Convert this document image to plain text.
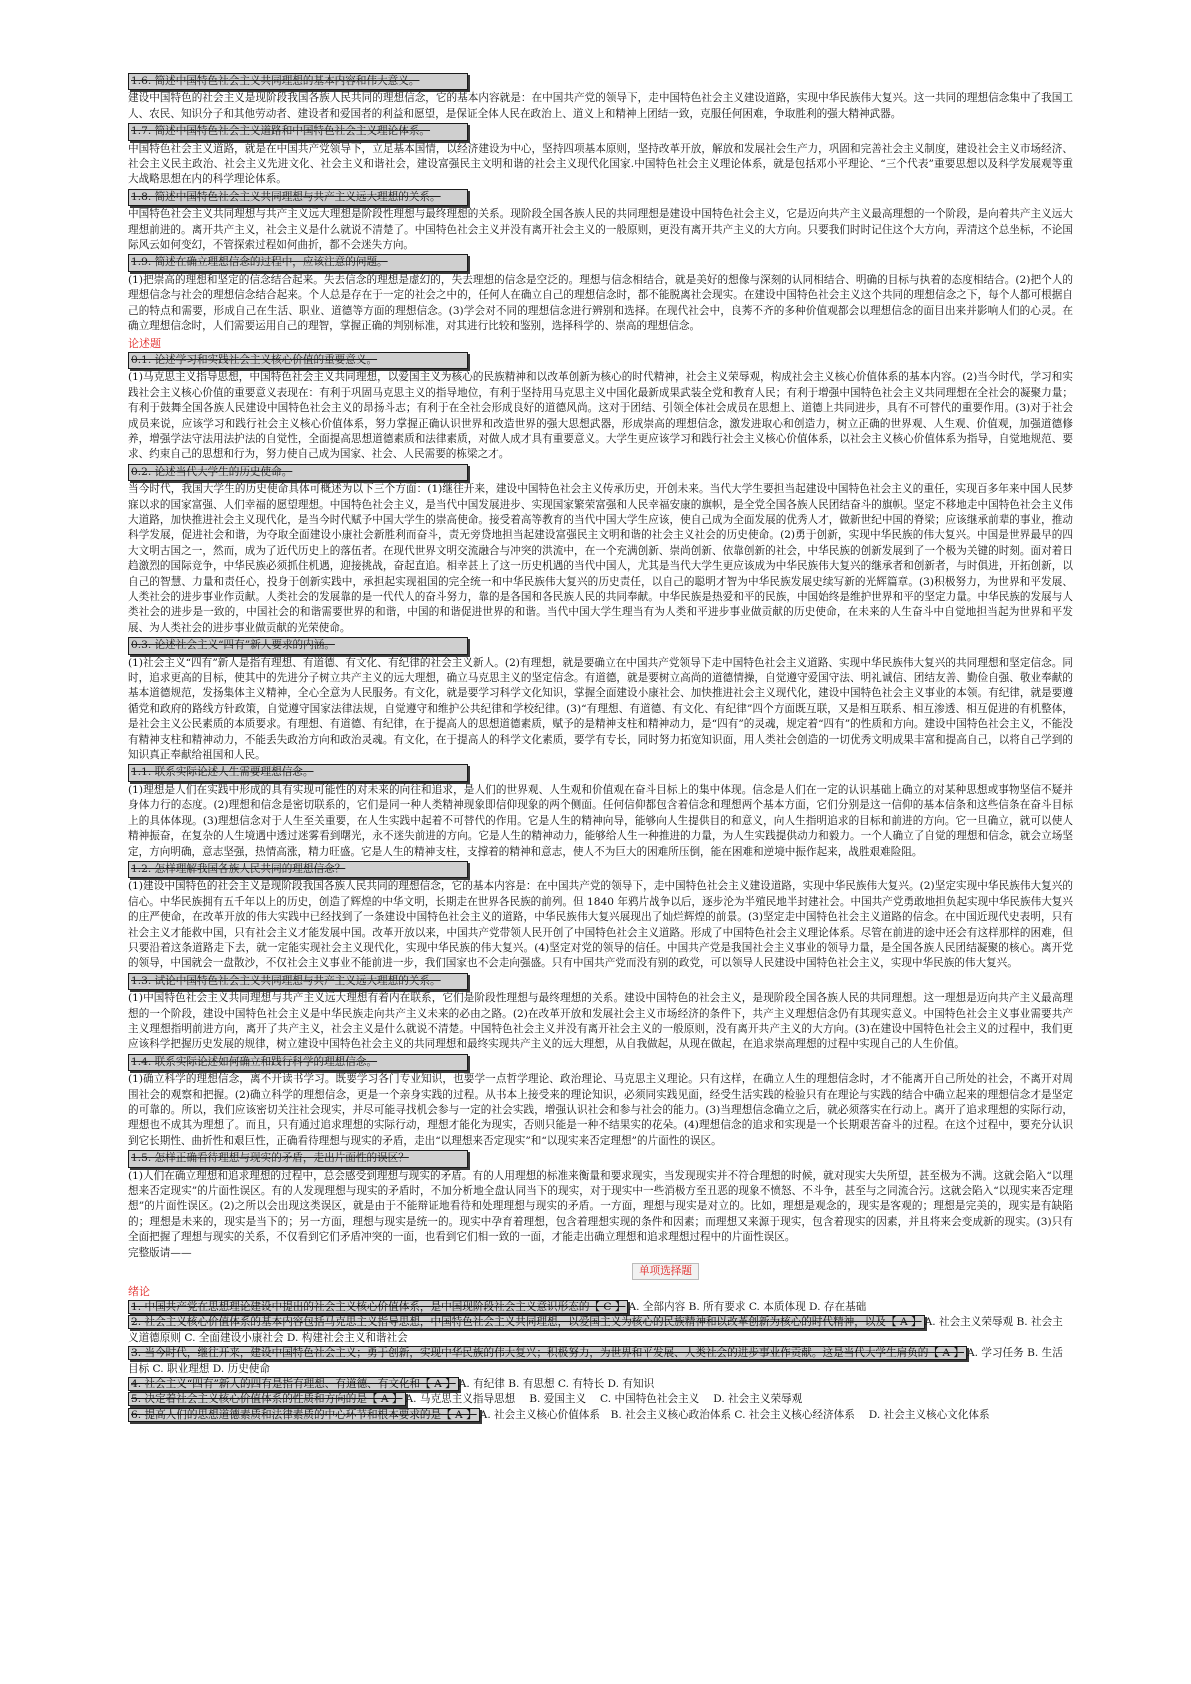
1.6. 简述中国特色社会主义共同理想的基本内容和伟大意义。

建设中国特色的社会主义是现阶段我国各族人民共同的理想信念，它的基本内容就是：在中国共产党的领导下，走中国特色社会主义建设道路，实现中华民族伟大复兴。这一共同的理想信念集中了我国工人、农民、知识分子和其他劳动者、建设者和爱国者的利益和愿望，是保证全体人民在政治上、道义上和精神上团结一致，克服任何困难，争取胜利的强大精神武器。

1.7. 简述中国特色社会主义道路和中国特色社会主义理论体系。

中国特色社会主义道路，就是在中国共产党领导下，立足基本国情，以经济建设为中心，坚持四项基本原则，坚持改革开放，解放和发展社会生产力，巩固和完善社会主义制度，建设社会主义市场经济、社会主义民主政治、社会主义先进文化、社会主义和谐社会，建设富强民主文明和谐的社会主义现代化国家.中国特色社会主义理论体系，就是包括邓小平理论、“三个代表”重要思想以及科学发展观等重大战略思想在内的科学理论体系。

1.8. 简述中国特色社会主义共同理想与共产主义远大理想的关系。

中国特色社会主义共同理想与共产主义远大理想是阶段性理想与最终理想的关系。现阶段全国各族人民的共同理想是建设中国特色社会主义，它是迈向共产主义最高理想的一个阶段，是向着共产主义远大理想前进的。离开共产主义，社会主义是什么就说不清楚了。中国特色社会主义并没有离开社会主义的一般原则，更没有离开共产主义的大方向。只要我们时时记住这个大方向，弄清这个总坐标，不论国际风云如何变幻，不管探索过程如何曲折，都不会迷失方向。

1.9. 简述在确立理想信念的过程中，应该注意的问题。

(1)把崇高的理想和坚定的信念结合起来。失去信念的理想是虚幻的，失去理想的信念是空泛的。理想与信念相结合，就是美好的想像与深刻的认同相结合、明确的目标与执着的态度相结合。(2)把个人的理想信念与社会的理想信念结合起来。个人总是存在于一定的社会之中的，任何人在确立自己的理想信念时，都不能脱离社会现实。在建设中国特色社会主义这个共同的理想信念之下，每个人都可根据自己的特点和需要，形成自己在生活、职业、道德等方面的理想信念。(3)学会对不同的理想信念进行辨别和选择。在现代社会中，良莠不齐的多种价值观都会以理想信念的面目出来并影响人们的心灵。在确立理想信念时，人们需要运用自己的理智，掌握正确的判别标准，对其进行比较和鉴别，选择科学的、崇高的理想信念。

论述题
0.1. 论述学习和实践社会主义核心价值的重要意义。

(1)马克思主义指导思想，中国特色社会主义共同理想，以爱国主义为核心的民族精神和以改革创新为核心的时代精神，社会主义荣辱观，构成社会主义核心价值体系的基本内容。(2)当今时代，学习和实践社会主义核心价值的重要意义表现在：有利于巩固马克思主义的指导地位，有利于坚持用马克思主义中国化最新成果武装全党和教育人民；有利于增强中国特色社会主义共同理想在全社会的凝聚力量；有利于鼓舞全国各族人民建设中国特色社会主义的昂扬斗志；有利于在全社会形成良好的道德风尚。这对于团结、引领全体社会成员在思想上、道德上共同进步，具有不可替代的重要作用。(3)对于社会成员来说，应该学习和践行社会主义核心价值体系，努力掌握正确认识世界和改造世界的强大思想武器，形成崇高的理想信念，激发进取心和创造力，树立正确的世界观、人生观、价值观，加强道德修养，增强学法守法用法护法的自觉性，全面提高思想道德素质和法律素质，对做人成才具有重要意义。大学生更应该学习和践行社会主义核心价值体系，以社会主义核心价值体系为指导，自觉地规范、要求、约束自己的思想和行为，努力使自己成为国家、社会、人民需要的栋梁之才。

0.2. 论述当代大学生的历史使命。

当今时代，我国大学生的历史使命具体可概述为以下三个方面：(1)继往开来，建设中国特色社会主义传承历史，开创未来。当代大学生要担当起建设中国特色社会主义的重任，实现百多年来中国人民梦寐以求的国家富强、人们幸福的愿望理想。中国特色社会主义，是当代中国发展进步、实现国家繁荣富强和人民幸福安康的旗帜，是全党全国各族人民团结奋斗的旗帜。坚定不移地走中国特色社会主义伟大道路，加快推进社会主义现代化，是当今时代赋予中国大学生的崇高使命。接受着高等教育的当代中国大学生应该，使自己成为全面发展的优秀人才，做新世纪中国的脊梁；应该继承前辈的事业，推动科学发展，促进社会和谐，为夺取全面建设小康社会新胜利而奋斗，责无旁贷地担当起建设富强民主文明和谐的社会主义社会的历史使命。(2)勇于创新，实现中华民族的伟大复兴。中国是世界最早的四大文明古国之一，然而，成为了近代历史上的落伍者。在现代世界文明交流融合与冲突的洪流中，在一个充满创新、崇尚创新、依靠创新的社会，中华民族的创新发展到了一个极为关键的时刻。面对着日趋激烈的国际竞争，中华民族必须抓住机遇，迎接挑战，奋起直追。相幸甚上了这一历史机遇的当代中国人，尤其是当代大学生更应该成为中华民族伟大复兴的继承者和创新者，与时俱进，开拓创新，以自己的智慧、力量和责任心，投身于创新实践中，承担起实现祖国的完全统一和中华民族伟大复兴的历史责任，以自己的聪明才智为中华民族发展史续写新的光辉篇章。(3)积极努力，为世界和平发展、人类社会的进步事业作贡献。人类社会的发展靠的是一代代人的奋斗努力，靠的是各国和各民族人民的共同奉献。中华民族是热爱和平的民族，中国始终是维护世界和平的坚定力量。中华民族的发展与人类社会的进步是一致的，中国社会的和谐需要世界的和谐，中国的和谐促进世界的和谐。当代中国大学生理当有为人类和平进步事业做贡献的历史使命，在未来的人生奋斗中自觉地担当起为世界和平发展、为人类社会的进步事业做贡献的光荣使命。

0.3. 论述社会主义“四有”新人要求的内涵。

(1)社会主义“四有”新人是指有理想、有道德、有文化、有纪律的社会主义新人。(2)有理想，就是要确立在中国共产党领导下走中国特色社会主义道路、实现中华民族伟大复兴的共同理想和坚定信念。同时，追求更高的目标，使其中的先进分子树立共产主义的远大理想，确立马克思主义的坚定信念。有道德，就是要树立高尚的道德情操，自觉遵守爱国守法、明礼诚信、团结友善、勤俭自强、敬业奉献的基本道德规范，发扬集体主义精神，全心全意为人民服务。有文化，就是要学习科学文化知识，掌握全面建设小康社会、加快推进社会主义现代化，建设中国特色社会主义事业的本领。有纪律，就是要遵循党和政府的路线方针政策，自觉遵守国家法律法规，自觉遵守和维护公共纪律和学校纪律。(3)“有理想、有道德、有文化、有纪律”四个方面既互联，又是相互联系、相互渗透、相互促进的有机整体，是社会主义公民素质的本质要求。有理想、有道德、有纪律，在于提高人的思想道德素质，赋予的是精神支柱和精神动力，是“四有”的灵魂，规定着“四有”的性质和方向。建设中国特色社会主义，不能没有精神支柱和精神动力，不能丢失政治方向和政治灵魂。有文化，在于提高人的科学文化素质，要学有专长，同时努力拓宽知识面，用人类社会创造的一切优秀文明成果丰富和提高自己，以将自己学到的知识真正奉献给祖国和人民。

1.1. 联系实际论述人生需要理想信念。

(1)理想是人们在实践中形成的具有实现可能性的对未来的向往和追求，是人们的世界观、人生观和价值观在奋斗目标上的集中体现。信念是人们在一定的认识基础上确立的对某种思想或事物坚信不疑并身体力行的态度。(2)理想和信念是密切联系的，它们是同一种人类精神现象即信仰现象的两个侧面。任何信仰都包含着信念和理想两个基本方面，它们分别是这一信仰的基本信条和这些信条在奋斗目标上的具体体现。(3)理想信念对于人生至关重要，在人生实践中起着不可替代的作用。它是人生的精神向导，能够向人生提供目的和意义，向人生指明追求的目标和前进的方向。它一旦确立，就可以使人精神振奋，在复杂的人生境遇中透过迷雾看到曙光，永不迷失前进的方向。它是人生的精神动力，能够给人生一种推进的力量，为人生实践提供动力和毅力。一个人确立了自觉的理想和信念，就会立场坚定，方向明确，意志坚强，热情高涨，精力旺盛。它是人生的精神支柱，支撑着的精神和意志，使人不为巨大的困难所压倒，能在困难和逆境中振作起来，战胜艰难险阻。

1.2. 怎样理解我国各族人民共同的理想信念？

(1)建设中国特色的社会主义是现阶段我国各族人民共同的理想信念，它的基本内容是：在中国共产党的领导下，走中国特色社会主义建设道路，实现中华民族伟大复兴。(2)坚定实现中华民族伟大复兴的信心。中华民族拥有五千年以上的历史，创造了辉煌的中华文明，长期走在世界各民族的前列。但 1840 年鸦片战争以后，逐步沦为半殖民地半封建社会。中国共产党勇敢地担负起实现中华民族伟大复兴的庄严使命，在改革开放的伟大实践中已经找到了一条建设中国特色社会主义的道路，中华民族伟大复兴展现出了灿烂辉煌的前景。(3)坚定走中国特色社会主义道路的信念。在中国近现代史表明，只有社会主义才能救中国，只有社会主义才能发展中国。改革开放以来，中国共产党带领人民开创了中国特色社会主义道路。形成了中国特色社会主义理论体系。尽管在前进的途中还会有这样那样的困难，但只要沿着这条道路走下去，就一定能实现社会主义现代化，实现中华民族的伟大复兴。(4)坚定对党的领导的信任。中国共产党是我国社会主义事业的领导力量，是全国各族人民团结凝聚的核心。离开党的领导，中国就会一盘散沙，不仅社会主义事业不能前进一步，我们国家也不会走向强盛。只有中国共产党而没有别的政党，可以领导人民建设中国特色社会主义，实现中华民族的伟大复兴。

1.3. 试论中国特色社会主义共同理想与共产主义远大理想的关系。

(1)中国特色社会主义共同理想与共产主义远大理想有着内在联系，它们是阶段性理想与最终理想的关系。建设中国特色的社会主义，是现阶段全国各族人民的共同理想。这一理想是迈向共产主义最高理想的一个阶段，建设中国特色社会主义是中华民族走向共产主义未来的必由之路。(2)在改革开放和发展社会主义市场经济的条件下，共产主义理想信念仍有其现实意义。中国特色社会主义事业需要共产主义理想指明前进方向，离开了共产主义，社会主义是什么就说不清楚。中国特色社会主义并没有离开社会主义的一般原则，没有离开共产主义的大方向。(3)在建设中国特色社会主义的过程中，我们更应该科学把握历史发展的规律，树立建设中国特色社会主义的共同理想和最终实现共产主义的远大理想，从自我做起，从现在做起，在追求崇高理想的过程中实现自己的人生价值。

1.4. 联系实际论述如何确立和践行科学的理想信念。

(1)确立科学的理想信念，离不开读书学习。既要学习各门专业知识，也要学一点哲学理论、政治理论、马克思主义理论。只有这样，在确立人生的理想信念时，才不能离开自己所处的社会，不离开对周围社会的观察和把握。(2)确立科学的理想信念，更是一个亲身实践的过程。从书本上接受来的理论知识，必须同实践见面，经受生活实践的检验只有在理论与实践的结合中确立起来的理想信念才是坚定的可靠的。所以，我们应该密切关注社会现实，并尽可能寻找机会参与一定的社会实践，增强认识社会和参与社会的能力。(3)当理想信念确立之后，就必须落实在行动上。离开了追求理想的实际行动，理想也不成其为理想了。而且，只有通过追求理想的实际行动，理想才能化为现实，否则只能是一种不结果实的花朵。(4)理想信念的追求和实现是一个长期艰苦奋斗的过程。在这个过程中，要充分认识到它长期性、曲折性和艰巨性，正确看待理想与现实的矛盾，走出“以理想来否定现实”和“以现实来否定理想”的片面性的误区。

1.5. 怎样正确看待理想与现实的矛盾，走出片面性的误区？

(1)人们在确立理想和追求理想的过程中，总会感受到理想与现实的矛盾。有的人用理想的标准来衡量和要求现实，当发现现实并不符合理想的时候，就对现实大失所望，甚至极为不满。这就会陷入“以理想来否定现实”的片面性误区。有的人发现理想与现实的矛盾时，不加分析地全盘认同当下的现实，对于现实中一些消极方至丑恶的现象不愤怒、不斗争，甚至与之同流合污。这就会陷入“以现实来否定理想”的片面性误区。(2)之所以会出现这类误区，就是由于不能辩证地看待和处理理想与现实的矛盾。一方面，理想与现实是对立的。比如，理想是观念的，现实是客观的；理想是完美的，现实是有缺陷的；理想是未来的，现实是当下的；另一方面，理想与现实是统一的。现实中孕育着理想，包含着理想实现的条件和因素；而理想又来源于现实，包含着现实的因素，并且将来会变成新的现实。(3)只有全面把握了理想与现实的关系，不仅看到它们矛盾冲突的一面，也看到它们相一致的一面，才能走出确立理想和追求理想过程中的片面性误区。

完整版请——

单项选择题
绪论

1. 中国共产党在思想理论建设中提出的社会主义核心价值体系，是中国现阶段社会主义意识形态的【 C 】 A. 全部内容 B. 所有要求 C. 本质体现 D. 存在基础

2. 社会主义核心价值体系的基本内容包括马克思主义指导思想，中国特色社会主义共同理想，以爱国主义为核心的民族精神和以改革创新为核心的时代精神，以及【 A 】 A. 社会主义荣辱观 B. 社会主义道德原则 C. 全面建设小康社会 D. 构建社会主义和谐社会

3. 当今时代，继往开来，建设中国特色社会主义；勇于创新，实现中华民族的伟大复兴；积极努力，为世界和平发展、人类社会的进步事业作贡献。这是当代大学生肩负的【 A 】 A. 学习任务 B. 生活目标 C. 职业理想 D. 历史使命

4. 社会主义“四有”新人的四有是指有理想、有道德、有文化和【 A 】 A. 有纪律 B. 有思想 C. 有特长 D. 有知识

5. 决定着社会主义核心价值体系的性质和方向的是【 A 】 A. 马克思主义指导思想　 B. 爱国主义　 C. 中国特色社会主义　 D. 社会主义荣辱观

6. 提高人们的思想道德素质和法律素质的中心环节和根本要求的是【 A 】 A. 社会主义核心价值体系　B. 社会主义核心政治体系 C. 社会主义核心经济体系　 D. 社会主义核心文化体系
